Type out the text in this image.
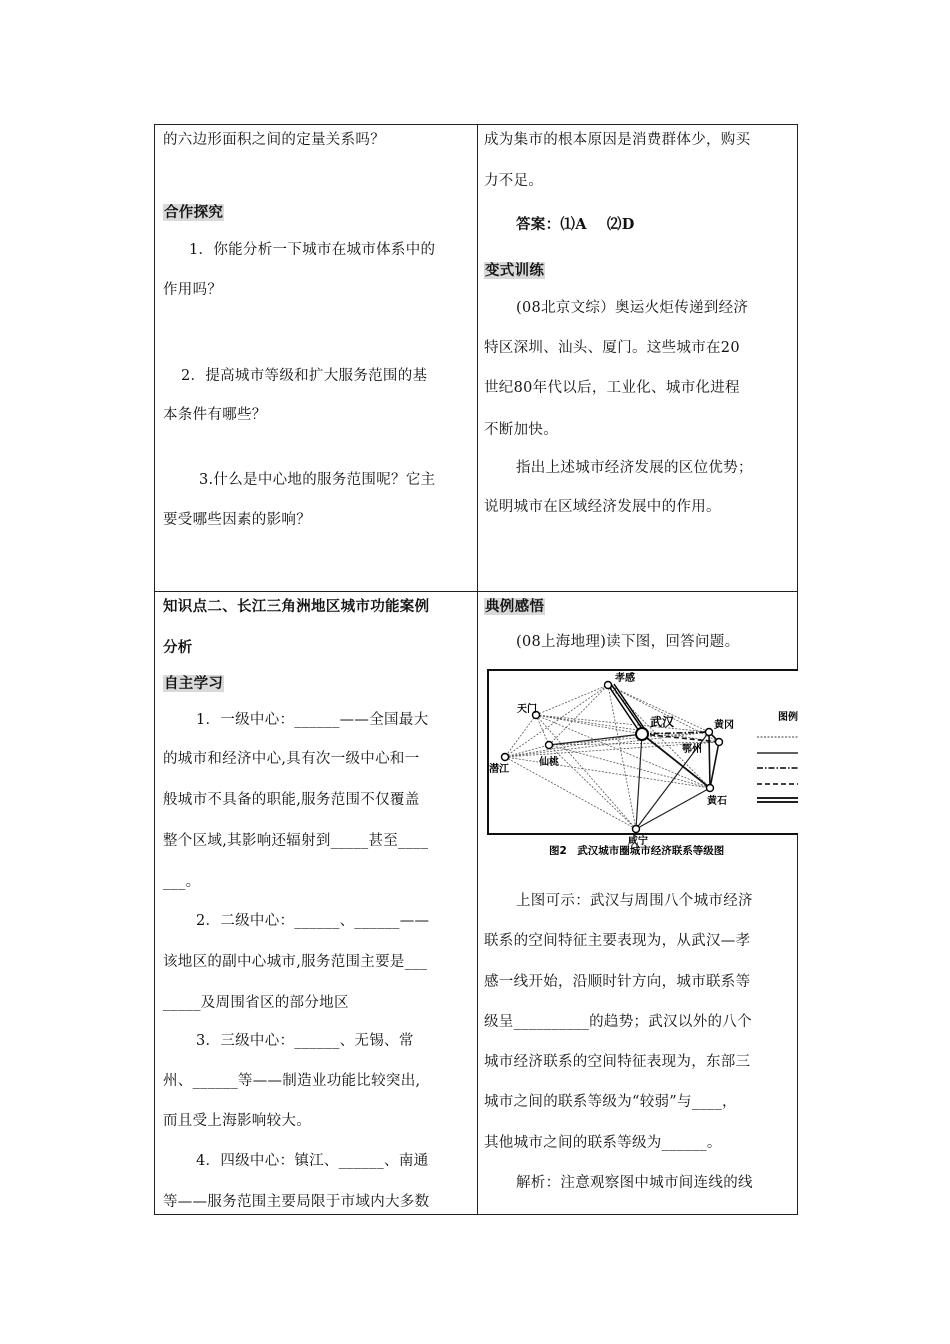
的六边形面积之间的定量关系吗？
合作探究
1．你能分析一下城市在城市体系中的
作用吗？
2．提高城市等级和扩大服务范围的基
本条件有哪些？
3.什么是中心地的服务范围呢？它主
要受哪些因素的影响？
成为集市的根本原因是消费群体少，购买
力不足。
答案：⑴A　 ⑵D
变式训练
(08北京文综）奥运火炬传递到经济
特区深圳、汕头、厦门。这些城市在20
世纪80年代以后，工业化、城市化进程
不断加快。
指出上述城市经济发展的区位优势；
说明城市在区域经济发展中的作用。
知识点二、长江三角洲地区城市功能案例
分析
自主学习
1．一级中心：______——全国最大
的城市和经济中心,具有次一级中心和一
般城市不具备的职能,服务范围不仅覆盖
整个区域,其影响还辐射到_____甚至____
___。
2．二级中心：______、______——
该地区的副中心城市,服务范围主要是___
_____及周围省区的部分地区
3．三级中心：______、无锡、常
州、______等——制造业功能比较突出,
而且受上海影响较大。
4．四级中心：镇江、______、南通
等——服务范围主要局限于市域内大多数
典例感悟
(08上海地理)读下图，回答问题。
孝感
天门
武汉	黄冈
鄂州
潜江
仙桃
黄石
咸宁
图例
图2　武汉城市圈城市经济联系等级图
上图可示：武汉与周围八个城市经济
联系的空间特征主要表现为，从武汉—孝
感一线开始，沿顺时针方向，城市联系等
级呈__________的趋势；武汉以外的八个
城市经济联系的空间特征表现为，东部三
城市之间的联系等级为“较弱”与____，
其他城市之间的联系等级为______。
解析：注意观察图中城市间连线的线
